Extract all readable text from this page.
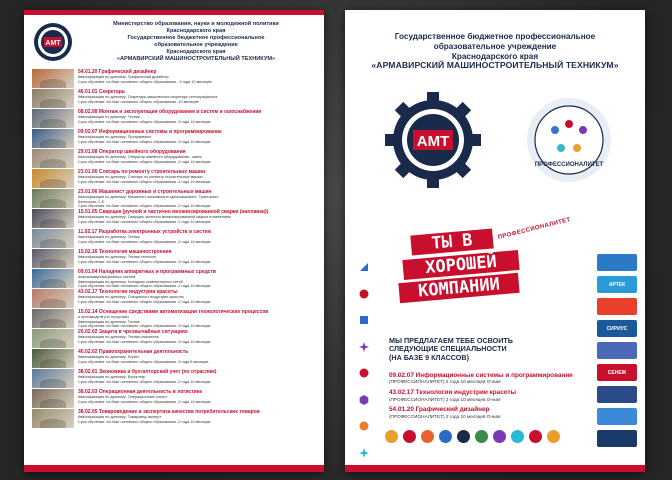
АМТ
Министерство образования, науки и молодежной политики
Краснодарского края
Государственное бюджетное профессиональное
образовательное учреждение
Краснодарского края
«АРМАВИРСКИЙ МАШИНОСТРОИТЕЛЬНЫЙ ТЕХНИКУМ»
54.01.20 Графический дизайнер
Квалификация по диплому: Графический дизайнер
Срок обучения: на базе основного общего образования - 3 года 10 месяцев
46.01.01 Секретарь
Квалификация по диплому: Секретарь-машинистка секретарь стенографистка
Срок обучения: на базе основного общего образования -10 месяцев
08.02.08 Монтаж и эксплуатация оборудования и систем и газоснабжения
Квалификация по диплому: Техник
Срок обучения: на базе основного общего образования -3 года 10 месяцев
09.02.07 Информационные системы и программирование
Квалификация по диплому: Программист
Срок обучения: на базе основного общего образования -3 года 10 месяцев
29.01.08 Оператор швейного оборудования
Квалификация по диплому: Оператор швейного оборудования - швея
Срок обучения: на базе основного общего образования -2 года 10 месяцев
23.01.06 Слесарь по ремонту строительных машин
Квалификация по диплому: Слесарь по ремонту строительных машин
Срок обучения: на базе основного общего образования -2 года 10 месяцев
23.01.06 Машинист дорожных и строительных машин
Квалификация по диплому: Машинист экскаватора одноковшового. Тракторист.
Категория: С,Е.
Срок обучения: на базе основного общего образования -2 года 10 месяцев
15.01.05 Сварщик (ручной и частично механизированной сварки (наплавки))
Квалификация по диплому: Сварщик частично механизированной сварки плавлением
Срок обучения: на базе основного общего образования -1 года 10 месяцев
11.02.17 Разработка электронных устройств и систем
Квалификация по диплому: Техник
Срок обучения: на базе основного общего образования -2 года 10 месяцев
15.02.16 Технология машиностроения
Квалификация по диплому: Техник-технолог
Срок обучения: на базе основного общего образования -3 года 10 месяцев
09.01.04 Наладчик аппаратных и программных средств
инфокоммуникационных систем
Квалификация по диплому: Наладчик компьютерных сетей
Срок обучения: на базе основного общего образования -2 года 10 месяцев
43.02.17 Технологии индустрии красоты
Квалификация по диплому: Специалист индустрии красоты
Срок обучения: на базе основного общего образования -2 года 10 месяцев
15.02.14 Оснащение средствами автоматизации технологических процессов
и производств (по отраслям)
Квалификация по диплому: Техник
Срок обучения: на базе основного общего образования -3 года 10 месяцев
20.02.02 Защита в чрезвычайных ситуациях
Квалификация по диплому: Техник-спасатель
Срок обучения: на базе основного общего образования -3 года 10 месяцев
40.02.02 Правоохранительная деятельность
Квалификация по диплому: Юрист
Срок обучения: на базе основного общего образования -3 года 6 месяцев
38.02.01 Экономика и бухгалтерский учет (по отраслям)
Квалификация по диплому: Бухгалтер
Срок обучения: на базе основного общего образования -2 года 10 месяцев
38.02.03 Операционная деятельность в логистике
Квалификация по диплому: Операционный логист
Срок обучения: на базе основного общего образования -2 года 10 месяцев
38.02.05 Товароведение и экспертиза качества потребительских товаров
Квалификация по диплому: Товаровед-эксперт
Срок обучения: на базе основного общего образования -2 года 10 месяцев
Государственное бюджетное профессиональное
образовательное учреждение
Краснодарского края
«АРМАВИРСКИЙ МАШИНОСТРОИТЕЛЬНЫЙ ТЕХНИКУМ»
АМТ
ПРОФЕССИОНАЛИТЕТ
ПРОФЕССИОНАЛИТЕТ
ТЫ В
ХОРОШЕЙ
КОМПАНИИ
	АРТЕК
СИРИУС
СЕНЕЖ
МЫ ПРЕДЛАГАЕМ ТЕБЕ ОСВОИТЬ
СЛЕДУЮЩИЕ СПЕЦИАЛЬНОСТИ
(НА БАЗЕ 9 КЛАССОВ)
09.02.07 Информационные системы и программирование
(ПРОФЕССИОНАЛИТЕТ) 2 года 10 месяцев Очная
43.02.17 Технологии индустрии красоты
(ПРОФЕССИОНАЛИТЕТ) 2 года 10 месяцев Очная
54.01.20 Графический дизайнер
(ПРОФЕССИОНАЛИТЕТ) 2 года 10 месяцев Очная
